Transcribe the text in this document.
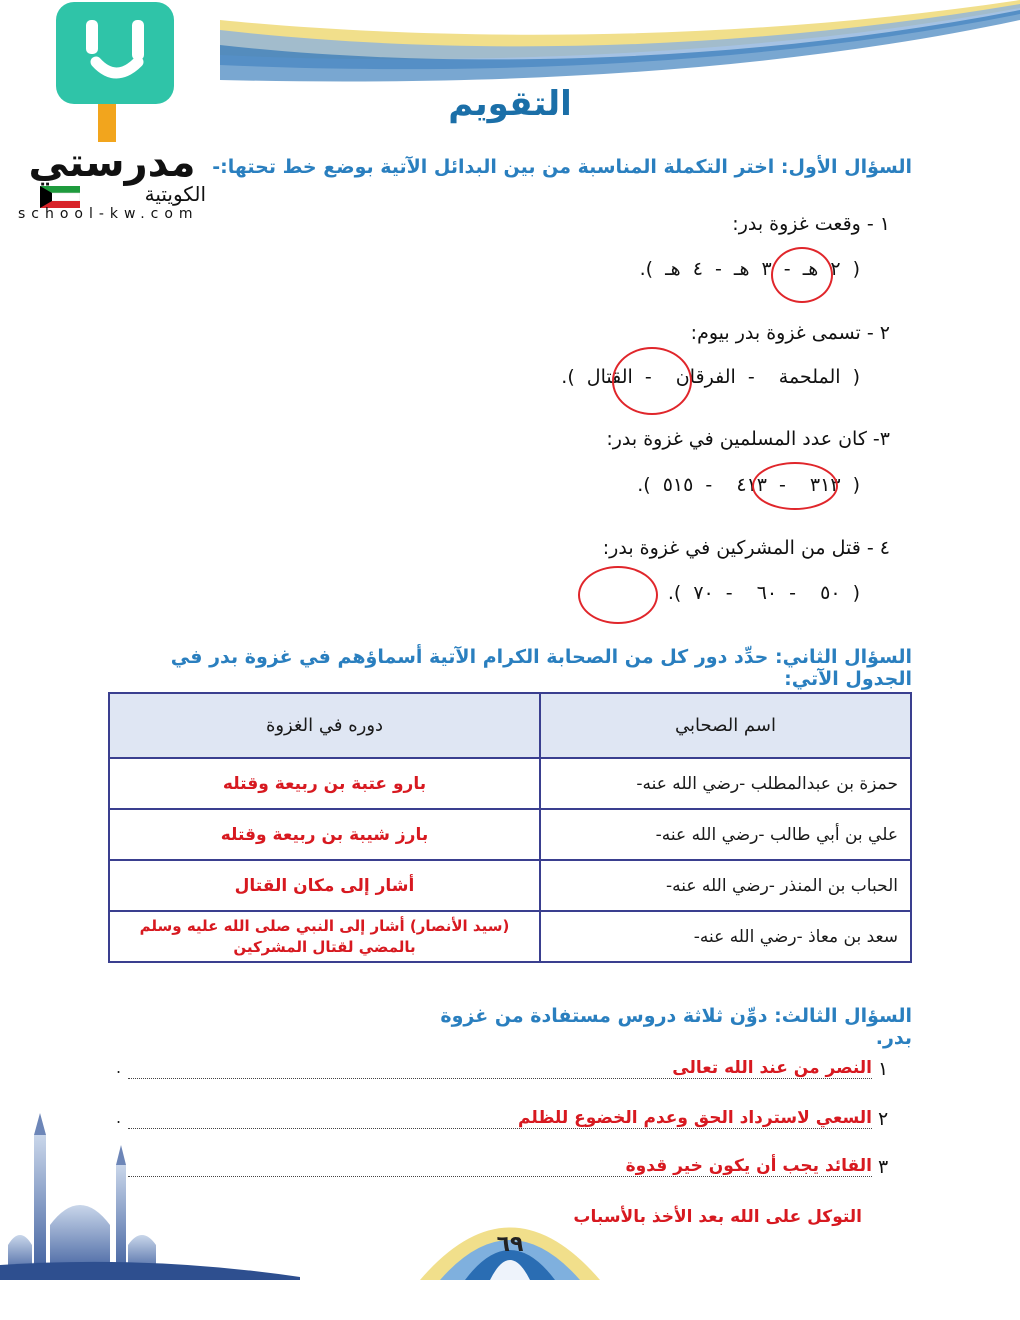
مدرستي
الكويتية
school-kw.com
التقويم
السؤال الأول: اختر التكملة المناسبة من بين البدائل الآتية بوضع خط تحتها:-
١ - وقعت غزوة بدر:
( ٢ هـ - ٣ هـ - ٤ هـ ).
٢ - تسمى غزوة بدر بيوم:
( الملحمة  - الفرقان  - القتال ).
٣- كان عدد المسلمين في غزوة بدر:
( ٣١٣  - ٤١٣  - ٥١٥ ).
٤ - قتل من المشركين في غزوة بدر:
( ٥٠  - ٦٠  - ٧٠ ).
السؤال الثاني: حدِّد دور كل من الصحابة الكرام الآتية أسماؤهم في غزوة بدر في الجدول الآتي:
دوره في الغزوة	اسم الصحابي
بارو عتبة بن ربيعة وقتله	حمزة بن عبدالمطلب -رضي الله عنه-
بارز شيبة بن ربيعة وقتله	علي بن أبي طالب -رضي الله عنه-
أشار إلى مكان القتال	الحباب بن المنذر -رضي الله عنه-
(سيد الأنصار) أشار إلى النبي صلى الله عليه وسلم بالمضي لقتال المشركين	سعد بن معاذ -رضي الله عنه-
السؤال الثالث: دوِّن ثلاثة دروس مستفادة من غزوة بدر.
١
.	النصر من عند الله تعالى
٢
.	السعي لاسترداد الحق وعدم الخضوع للظلم
٣
القائد يجب أن يكون خير قدوة
التوكل على الله بعد الأخذ بالأسباب
٦٩
